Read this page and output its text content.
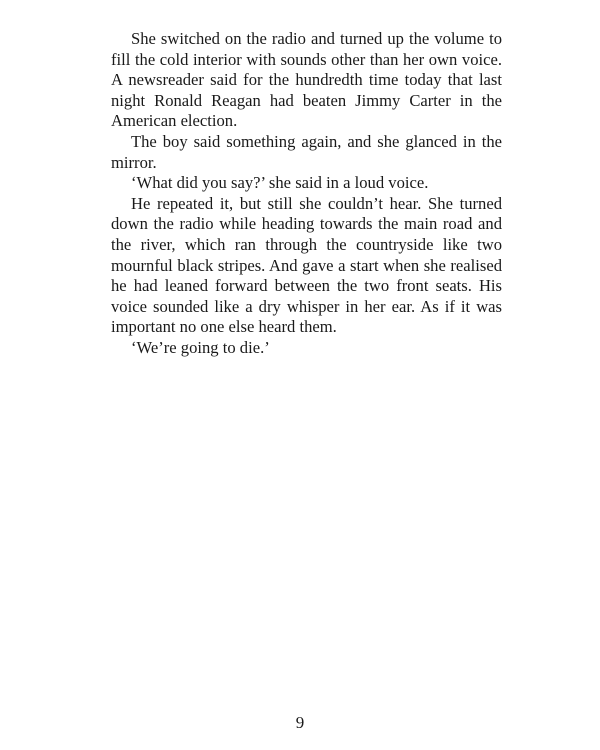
She switched on the radio and turned up the volume to fill the cold interior with sounds other than her own voice. A newsreader said for the hundredth time today that last night Ronald Reagan had beaten Jimmy Carter in the American election.

The boy said something again, and she glanced in the mirror.

‘What did you say?’ she said in a loud voice.

He repeated it, but still she couldn’t hear. She turned down the radio while heading towards the main road and the river, which ran through the countryside like two mournful black stripes. And gave a start when she realised he had leaned forward between the two front seats. His voice sounded like a dry whisper in her ear. As if it was important no one else heard them.

‘We’re going to die.’

9
